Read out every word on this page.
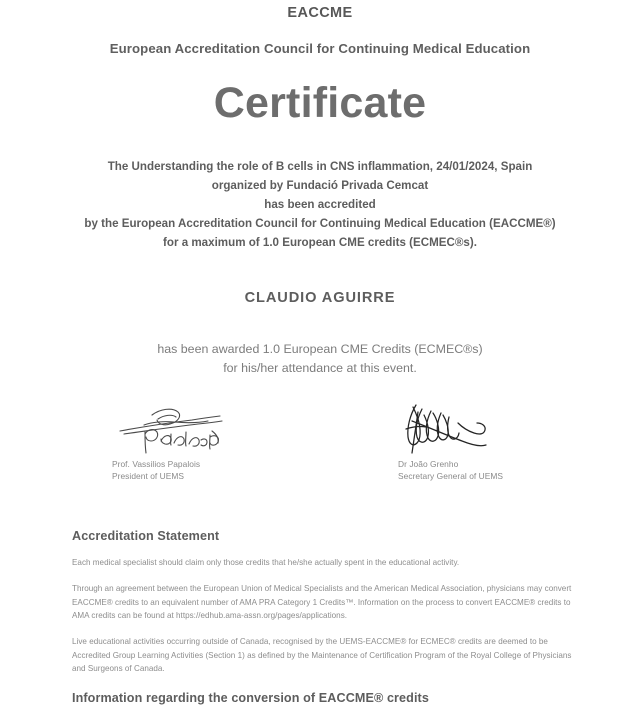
EACCME
European Accreditation Council for Continuing Medical Education
Certificate
The Understanding the role of B cells in CNS inflammation, 24/01/2024, Spain
organized by Fundació Privada Cemcat
has been accredited
by the European Accreditation Council for Continuing Medical Education (EACCME®)
for a maximum of 1.0 European CME credits (ECMEC®s).
CLAUDIO AGUIRRE
has been awarded 1.0 European CME Credits (ECMEC®s)
for his/her attendance at this event.
Prof. Vassilios Papalois
President of UEMS
Dr João Grenho
Secretary General of UEMS
Accreditation Statement

Each medical specialist should claim only those credits that he/she actually spent in the educational activity.

Through an agreement between the European Union of Medical Specialists and the American Medical Association, physicians may convert EACCME® credits to an equivalent number of AMA PRA Category 1 Credits™. Information on the process to convert EACCME® credits to AMA credits can be found at https://edhub.ama-assn.org/pages/applications.

Live educational activities occurring outside of Canada, recognised by the UEMS-EACCME® for ECMEC® credits are deemed to be Accredited Group Learning Activities (Section 1) as defined by the Maintenance of Certification Program of the Royal College of Physicians and Surgeons of Canada.

Information regarding the conversion of EACCME® credits
